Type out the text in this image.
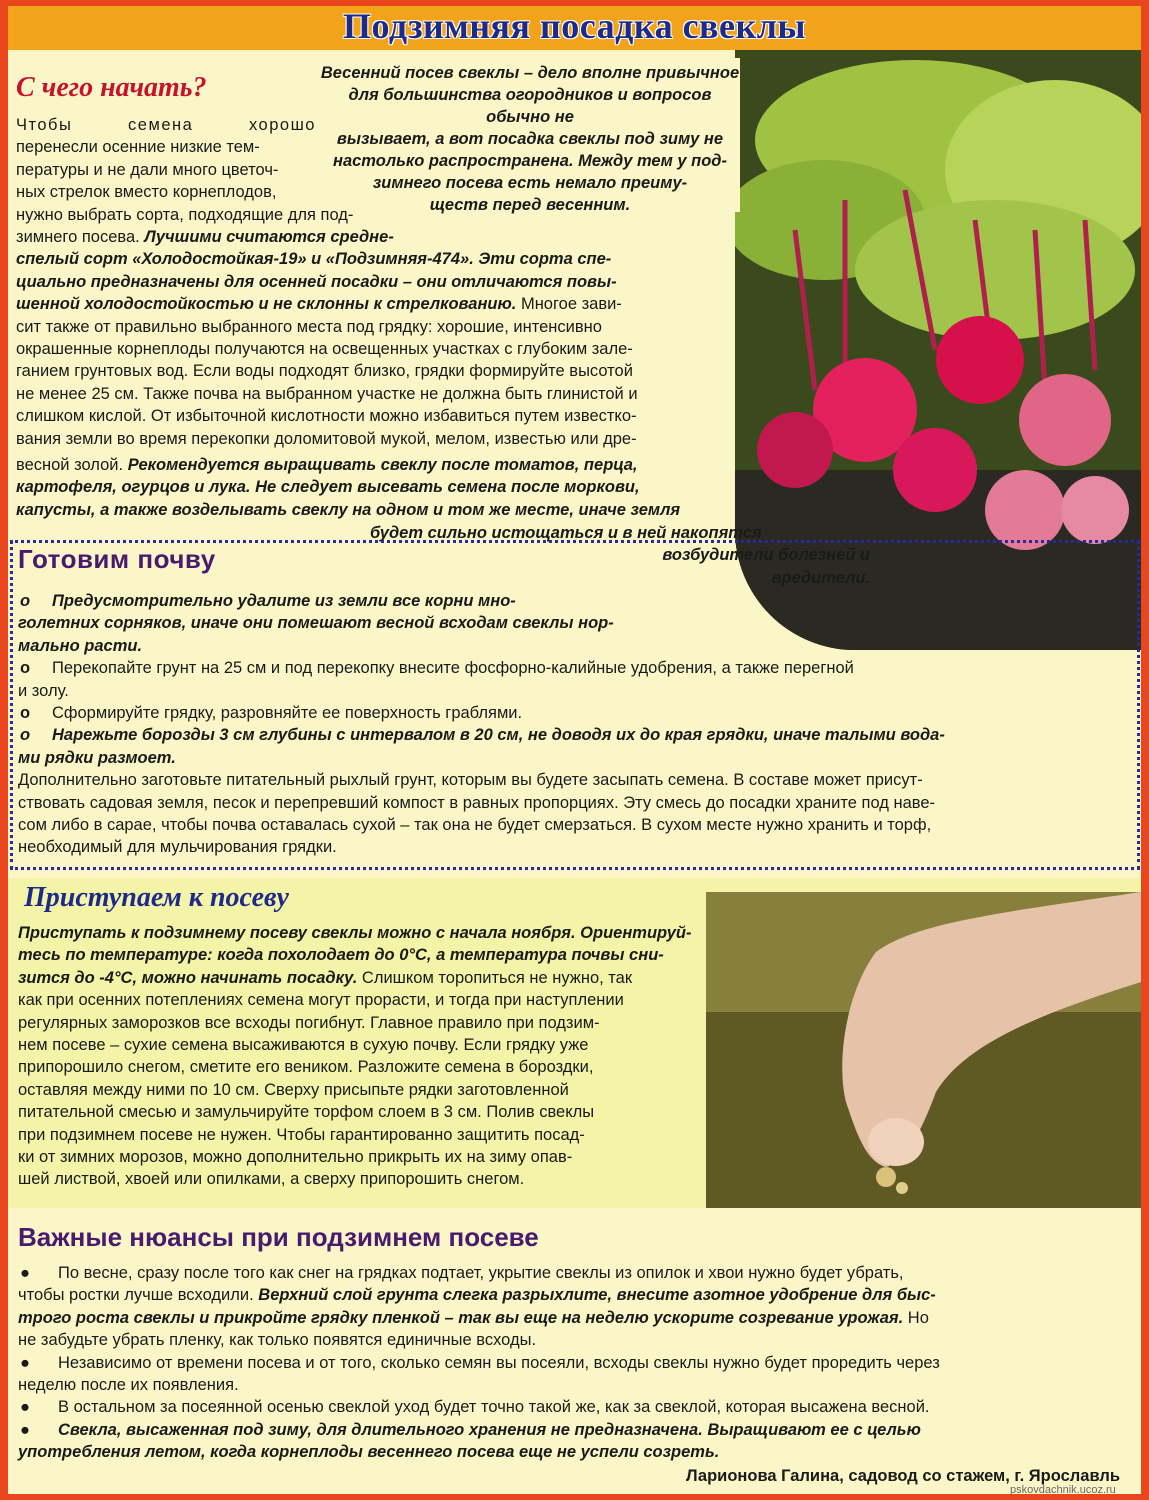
Подзимняя посадка свеклы
С чего начать?	Весенний посев свеклы – дело вполне привычное

для большинства огородников и вопросов обычно не

вызывает, а вот посадка свеклы под зиму не

настолько распространена. Между тем у под-

зимнего посева есть немало преиму-

ществ перед весенним.

Чтобы семена хорошо
перенесли осенние низкие тем-
пературы и не дали много цветоч-
ных стрелок вместо корнеплодов,
нужно выбрать сорта, подходящие для под-
зимнего посева. Лучшими считаются средне-
спелый сорт «Холодостойкая-19» и «Подзимняя-474». Эти сорта спе-
циально предназначены для осенней посадки – они отличаются повы-
шенной холодостойкостью и не склонны к стрелкованию. Многое зави-
сит также от правильно выбранного места под грядку: хорошие, интенсивно
окрашенные корнеплоды получаются на освещенных участках с глубоким зале-
ганием грунтовых вод. Если воды подходят близко, грядки формируйте высотой
не менее 25 см. Также почва на выбранном участке не должна быть глинистой и
слишком кислой. От избыточной кислотности можно избавиться путем известко-
вания земли во время перекопки доломитовой мукой, мелом, известью или дре-
весной золой. Рекомендуется выращивать свеклу после томатов, перца,
картофеля, огурцов и лука. Не следует высевать семена после моркови,
капусты, а также возделывать свеклу на одном и том же месте, иначе земля
будет сильно истощаться и в ней накопятся
возбудители болезней и
вредители.
Готовим почву
o Предусмотрительно удалите из земли все корни мно-
голетних сорняков, иначе они помешают весной всходам свеклы нор-
мально расти.
o Перекопайте грунт на 25 см и под перекопку внесите фосфорно-калийные удобрения, а также перегной
и золу.
o Сформируйте грядку, разровняйте ее поверхность граблями.
o Нарежьте борозды 3 см глубины с интервалом в 20 см, не доводя их до края грядки, иначе талыми вода-
ми рядки размоет.
Дополнительно заготовьте питательный рыхлый грунт, которым вы будете засыпать семена. В составе может присут-
ствовать садовая земля, песок и перепревший компост в равных пропорциях. Эту смесь до посадки храните под наве-
сом либо в сарае, чтобы почва оставалась сухой – так она не будет смерзаться. В сухом месте нужно хранить и торф,
необходимый для мульчирования грядки.
Приступаем к посеву
Приступать к подзимнему посеву свеклы можно с начала ноября. Ориентируй-
тесь по температуре: когда похолодает до 0°С, а температура почвы сни-
зится до -4°С, можно начинать посадку. Слишком торопиться не нужно, так
как при осенних потеплениях семена могут прорасти, и тогда при наступлении
регулярных заморозков все всходы погибнут. Главное правило при подзим-
нем посеве – сухие семена высаживаются в сухую почву. Если грядку уже
припорошило снегом, сметите его веником. Разложите семена в бороздки,
оставляя между ними по 10 см. Сверху присыпьте рядки заготовленной
питательной смесью и замульчируйте торфом слоем в 3 см. Полив свеклы
при подзимнем посеве не нужен. Чтобы гарантированно защитить посад-
ки от зимних морозов, можно дополнительно прикрыть их на зиму опав-
шей листвой, хвоей или опилками, а сверху припорошить снегом.
Важные нюансы при подзимнем посеве
● По весне, сразу после того как снег на грядках подтает, укрытие свеклы из опилок и хвои нужно будет убрать,
чтобы ростки лучше всходили. Верхний слой грунта слегка разрыхлите, внесите азотное удобрение для быс-
трого роста свеклы и прикройте грядку пленкой – так вы еще на неделю ускорите созревание урожая. Но
не забудьте убрать пленку, как только появятся единичные всходы.
● Независимо от времени посева и от того, сколько семян вы посеяли, всходы свеклы нужно будет проредить через
неделю после их появления.
● В остальном за посеянной осенью свеклой уход будет точно такой же, как за свеклой, которая высажена весной.
● Свекла, высаженная под зиму, для длительного хранения не предназначена. Выращивают ее с целью
употребления летом, когда корнеплоды весеннего посева еще не успели созреть.
Ларионова Галина, садовод со стажем, г. Ярославль
pskovdachnik.ucoz.ru
